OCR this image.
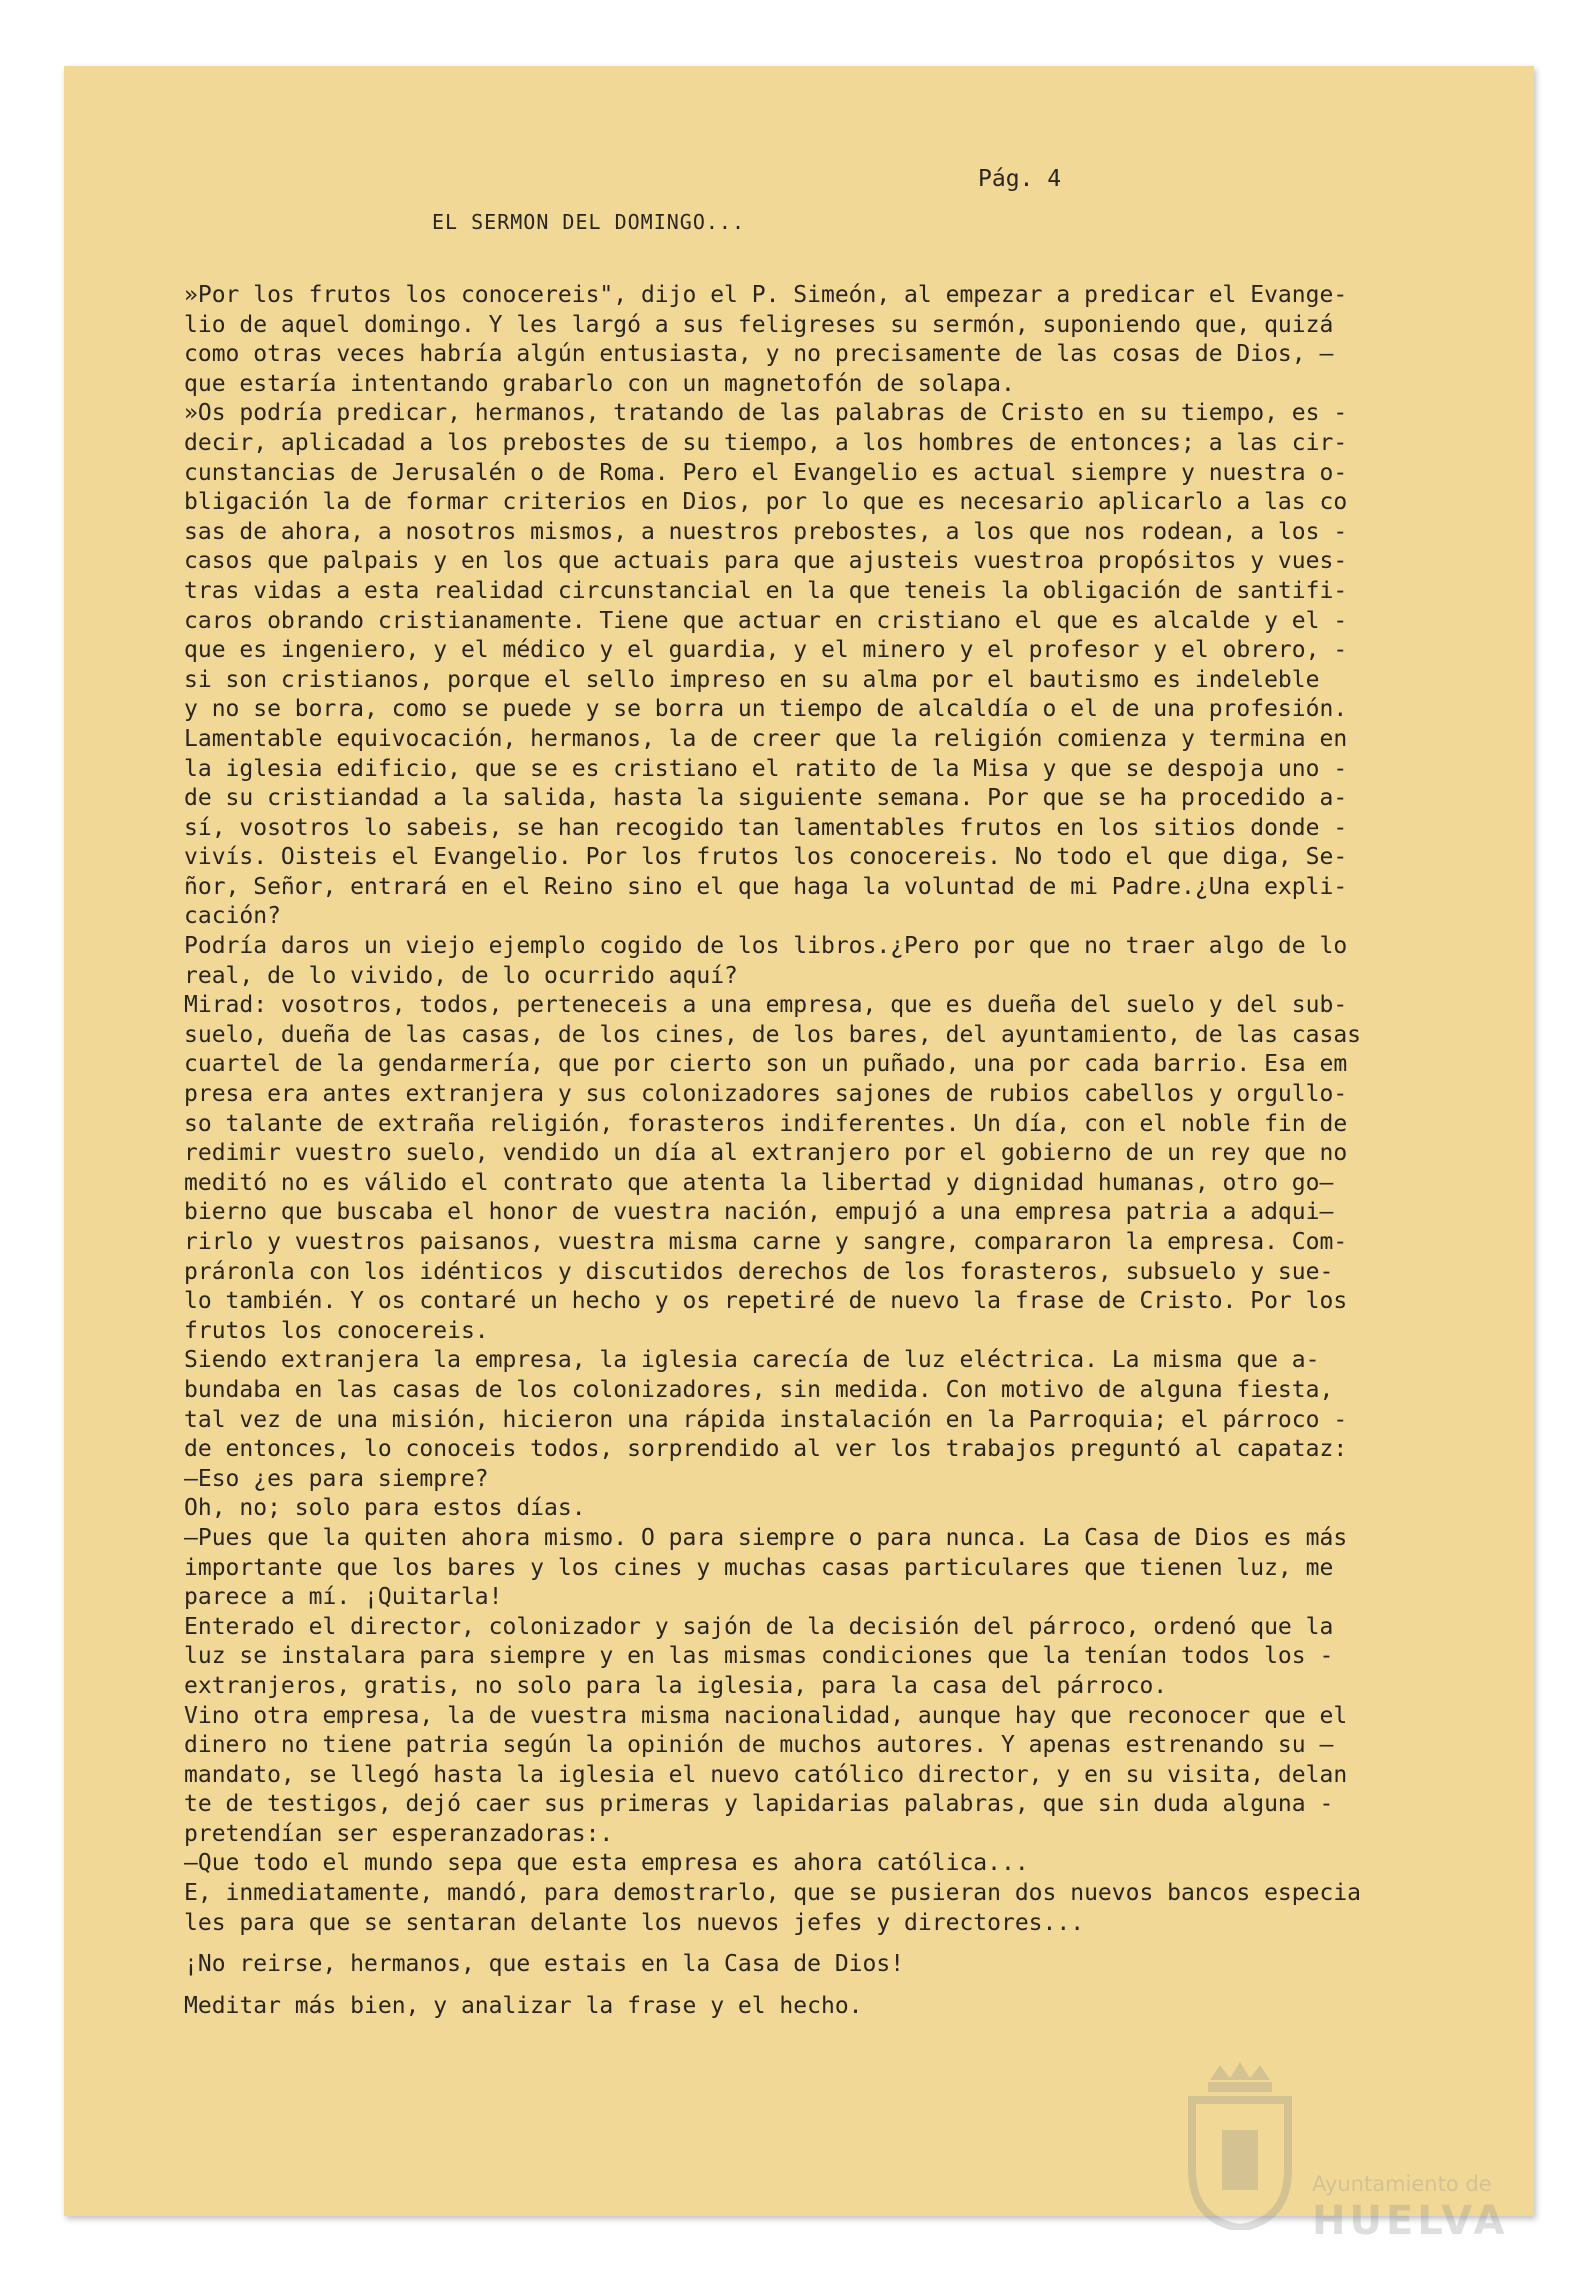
Pág. 4
EL SERMON DEL DOMINGO...
»Por los frutos los conocereis", dijo el P. Simeón, al empezar a predicar el Evange-
lio de aquel domingo. Y les largó a sus feligreses su sermón, suponiendo que, quizá
como otras veces habría algún entusiasta, y no precisamente de las cosas de Dios, —
que estaría intentando grabarlo con un magnetofón de solapa.
»Os podría predicar, hermanos, tratando de las palabras de Cristo en su tiempo, es -
decir, aplicadad a los prebostes de su tiempo, a los hombres de entonces; a las cir-
cunstancias de Jerusalén o de Roma. Pero el Evangelio es actual siempre y nuestra o-
bligación la de formar criterios en Dios, por lo que es necesario aplicarlo a las co
sas de ahora, a nosotros mismos, a nuestros prebostes, a los que nos rodean, a los -
casos que palpais y en los que actuais para que ajusteis vuestroa propósitos y vues-
tras vidas a esta realidad circunstancial en la que teneis la obligación de santifi-
caros obrando cristianamente. Tiene que actuar en cristiano el que es alcalde y el -
que es ingeniero, y el médico y el guardia, y el minero y el profesor y el obrero, -
si son cristianos, porque el sello impreso en su alma por el bautismo es indeleble
y no se borra, como se puede y se borra un tiempo de alcaldía o el de una profesión.
Lamentable equivocación, hermanos, la de creer que la religión comienza y termina en
la iglesia edificio, que se es cristiano el ratito de la Misa y que se despoja uno -
de su cristiandad a la salida, hasta la siguiente semana. Por que se ha procedido a-
sí, vosotros lo sabeis, se han recogido tan lamentables frutos en los sitios donde -
vivís. Oisteis el Evangelio. Por los frutos los conocereis. No todo el que diga, Se-
ñor, Señor, entrará en el Reino sino el que haga la voluntad de mi Padre.¿Una expli-
cación?
Podría daros un viejo ejemplo cogido de los libros.¿Pero por que no traer algo de lo
real, de lo vivido, de lo ocurrido aquí?
Mirad: vosotros, todos, perteneceis a una empresa, que es dueña del suelo y del sub-
suelo, dueña de las casas, de los cines, de los bares, del ayuntamiento, de las casas
cuartel de la gendarmería, que por cierto son un puñado, una por cada barrio. Esa em
presa era antes extranjera y sus colonizadores sajones de rubios cabellos y orgullo-
so talante de extraña religión, forasteros indiferentes. Un día, con el noble fin de
redimir vuestro suelo, vendido un día al extranjero por el gobierno de un rey que no
meditó no es válido el contrato que atenta la libertad y dignidad humanas, otro go—
bierno que buscaba el honor de vuestra nación, empujó a una empresa patria a adqui—
rirlo y vuestros paisanos, vuestra misma carne y sangre, compararon la empresa. Com-
práronla con los idénticos y discutidos derechos de los forasteros, subsuelo y sue-
lo también. Y os contaré un hecho y os repetiré de nuevo la frase de Cristo. Por los
frutos los conocereis.
Siendo extranjera la empresa, la iglesia carecía de luz eléctrica. La misma que a-
bundaba en las casas de los colonizadores, sin medida. Con motivo de alguna fiesta,
tal vez de una misión, hicieron una rápida instalación en la Parroquia; el párroco -
de entonces, lo conoceis todos, sorprendido al ver los trabajos preguntó al capataz:
—Eso ¿es para siempre?
Oh, no; solo para estos días.
—Pues que la quiten ahora mismo. O para siempre o para nunca. La Casa de Dios es más
importante que los bares y los cines y muchas casas particulares que tienen luz, me
parece a mí. ¡Quitarla!
Enterado el director, colonizador y sajón de la decisión del párroco, ordenó que la
luz se instalara para siempre y en las mismas condiciones que la tenían todos los -
extranjeros, gratis, no solo para la iglesia, para la casa del párroco.
Vino otra empresa, la de vuestra misma nacionalidad, aunque hay que reconocer que el
dinero no tiene patria según la opinión de muchos autores. Y apenas estrenando su —
mandato, se llegó hasta la iglesia el nuevo católico director, y en su visita, delan
te de testigos, dejó caer sus primeras y lapidarias palabras, que sin duda alguna -
pretendían ser esperanzadoras:.
—Que todo el mundo sepa que esta empresa es ahora católica...
E, inmediatamente, mandó, para demostrarlo, que se pusieran dos nuevos bancos especia
les para que se sentaran delante los nuevos jefes y directores...
¡No reirse, hermanos, que estais en la Casa de Dios!
Meditar más bien, y analizar la frase y el hecho.
Ayuntamiento de
HUELVA
